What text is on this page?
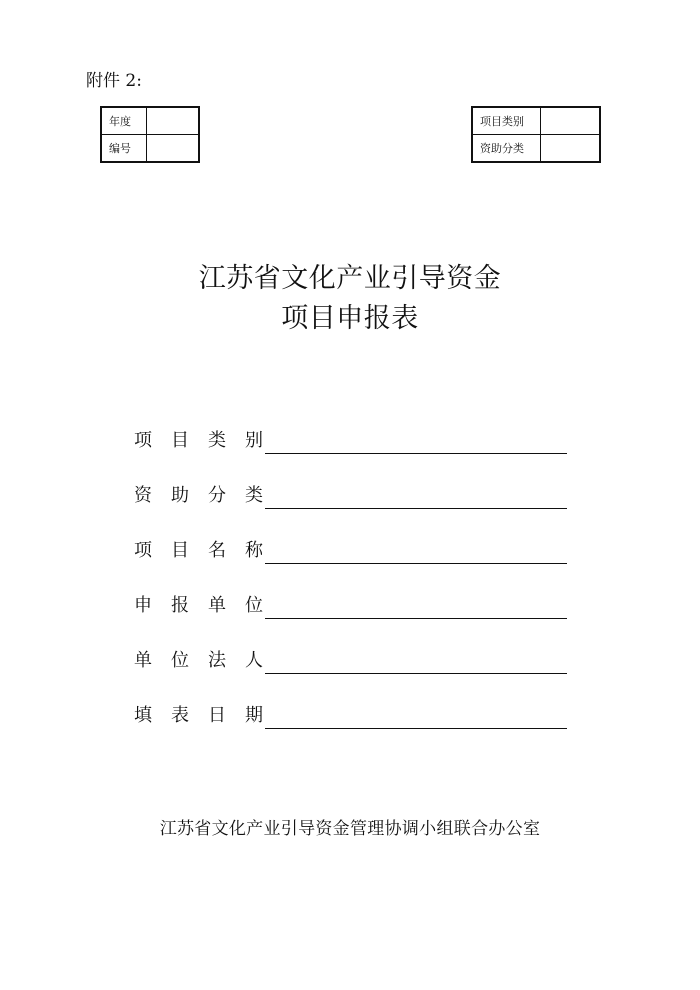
附件 2:
年度	
编号	
项目类别	
资助分类	
江苏省文化产业引导资金
项目申报表
项目类别
资助分类
项目名称
申报单位
单位法人
填表日期
江苏省文化产业引导资金管理协调小组联合办公室
